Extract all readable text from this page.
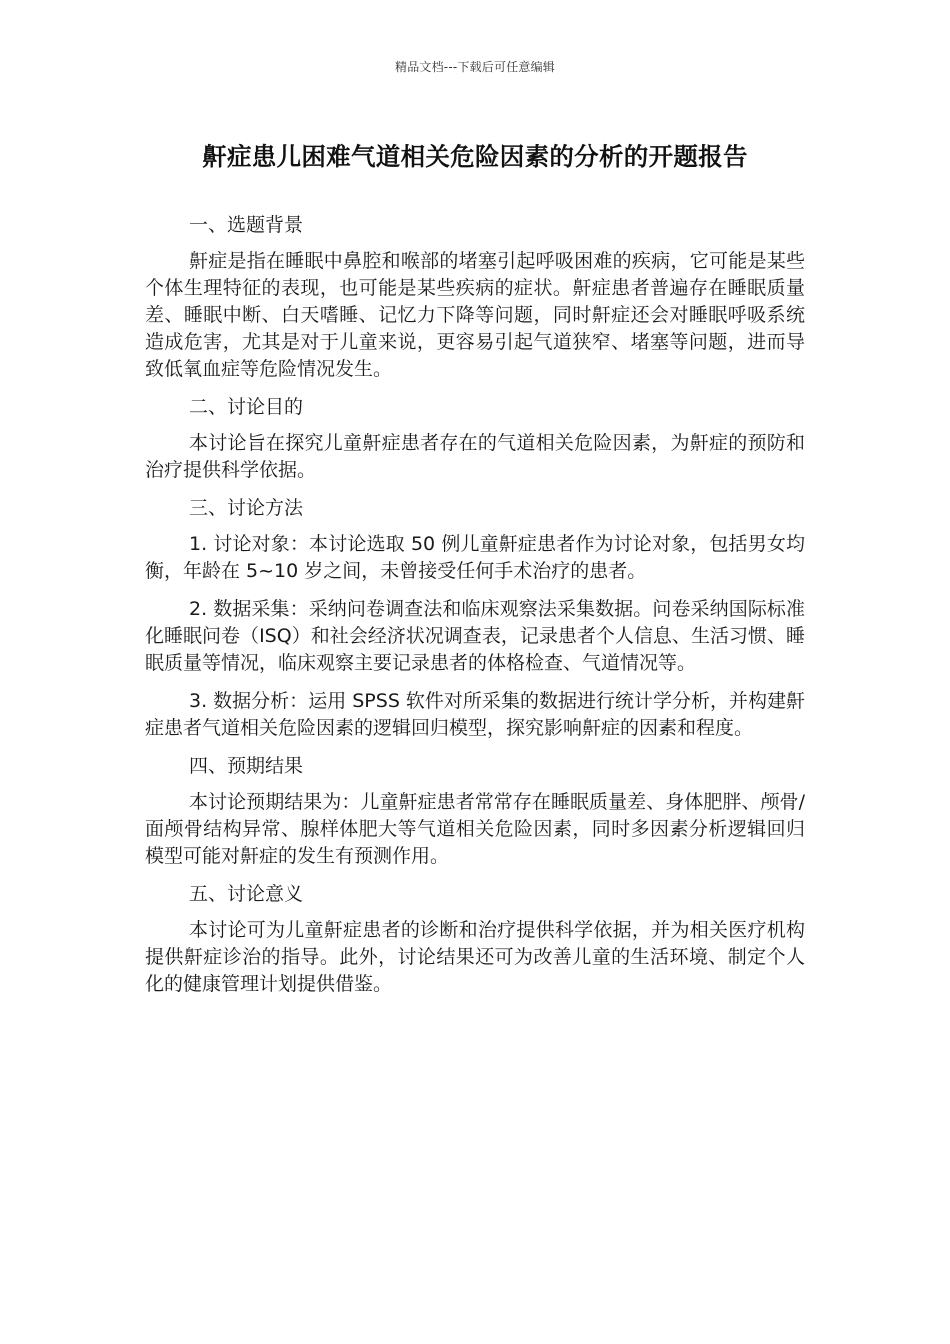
精品文档---下载后可任意编辑
鼾症患儿困难气道相关危险因素的分析的开题报告
一、选题背景

鼾症是指在睡眠中鼻腔和喉部的堵塞引起呼吸困难的疾病，它可能是某些个体生理特征的表现，也可能是某些疾病的症状。鼾症患者普遍存在睡眠质量差、睡眠中断、白天嗜睡、记忆力下降等问题，同时鼾症还会对睡眠呼吸系统造成危害，尤其是对于儿童来说，更容易引起气道狭窄、堵塞等问题，进而导致低氧血症等危险情况发生。

二、讨论目的

本讨论旨在探究儿童鼾症患者存在的气道相关危险因素，为鼾症的预防和治疗提供科学依据。

三、讨论方法

1. 讨论对象：本讨论选取 50 例儿童鼾症患者作为讨论对象，包括男女均衡，年龄在 5~10 岁之间，未曾接受任何手术治疗的患者。

2. 数据采集：采纳问卷调查法和临床观察法采集数据。问卷采纳国际标准化睡眠问卷（ISQ）和社会经济状况调查表，记录患者个人信息、生活习惯、睡眠质量等情况，临床观察主要记录患者的体格检查、气道情况等。

3. 数据分析：运用 SPSS 软件对所采集的数据进行统计学分析，并构建鼾症患者气道相关危险因素的逻辑回归模型，探究影响鼾症的因素和程度。

四、预期结果

本讨论预期结果为：儿童鼾症患者常常存在睡眠质量差、身体肥胖、颅骨/面颅骨结构异常、腺样体肥大等气道相关危险因素，同时多因素分析逻辑回归模型可能对鼾症的发生有预测作用。

五、讨论意义

本讨论可为儿童鼾症患者的诊断和治疗提供科学依据，并为相关医疗机构提供鼾症诊治的指导。此外，讨论结果还可为改善儿童的生活环境、制定个人化的健康管理计划提供借鉴。
